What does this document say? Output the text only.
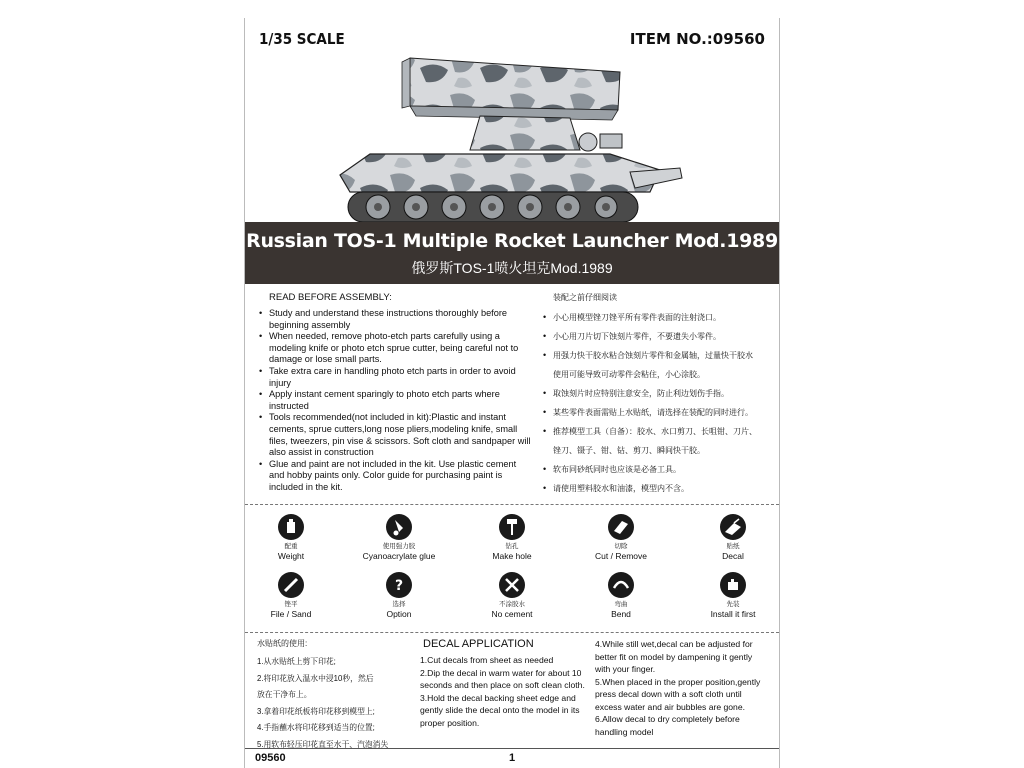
1/35 SCALE	ITEM NO.:09560
Russian TOS-1 Multiple Rocket Launcher Mod.1989
俄罗斯TOS-1喷火坦克Mod.1989
READ BEFORE ASSEMBLY:
• Study and understand these instructions thoroughly before beginning assembly
• When needed, remove photo-etch parts carefully using a modeling knife or photo etch sprue cutter, being careful not to damage or lose small parts.
• Take extra care in handling photo etch parts in order to avoid injury
• Apply instant cement sparingly to photo etch parts where instructed
• Tools recommended(not included in kit):Plastic and instant cements, sprue cutters,long nose pliers,modeling knife, small files, tweezers, pin vise & scissors. Soft cloth and sandpaper will also assist in construction
• Glue and paint are not included in the kit. Use plastic cement and hobby paints only. Color guide for purchasing paint is included in the kit.
装配之前仔细阅读
• 小心用模型锉刀锉平所有零件表面的注射浇口。
• 小心用刀片切下蚀刻片零件，不要遗失小零件。
• 用强力快干胶水粘合蚀刻片零件和金属轴，过量快干胶水
使用可能导致可动零件会粘住，小心涂胶。
• 取蚀刻片时应特别注意安全，防止利边划伤手指。
• 某些零件表面需贴上水贴纸，请选择在装配的同时进行。
• 推荐模型工具（自备）：胶水、水口剪刀、长咀钳、刀片、
锉刀、镊子、钳、钻、剪刀、瞬间快干胶。
• 软布同砂纸同时也应该是必备工具。
• 请使用塑料胶水和油漆，模型内不含。
配重
Weight
使用强力胶
Cyanoacrylate glue
钻孔
Make hole
切除
Cut / Remove
贴纸
Decal
锉平
File / Sand
?
选择
Option
不涂胶水
No cement
弯曲
Bend
先装
Install it first
水贴纸的使用:
1.从水贴纸上剪下印花;
2.将印花放入温水中浸10秒，然后
放在干净布上。
3.拿着印花纸板将印花移到模型上;
4.手指蘸水将印花移到适当的位置;
5.用软布轻压印花直至水干、汽泡消失
DECAL APPLICATION
1.Cut decals from sheet as needed
2.Dip the decal in warm water for about 10
seconds and then place on soft clean cloth.
3.Hold the decal backing sheet edge and
gently slide the decal onto the model in its
proper position.
4.While still wet,decal can be adjusted for
better fit on model by dampening it gently
with your finger.
5.When placed in the proper position,gently
press decal down with a soft cloth until
excess water and air bubbles are gone.
6.Allow decal to dry completely before
handling model
09560	1
